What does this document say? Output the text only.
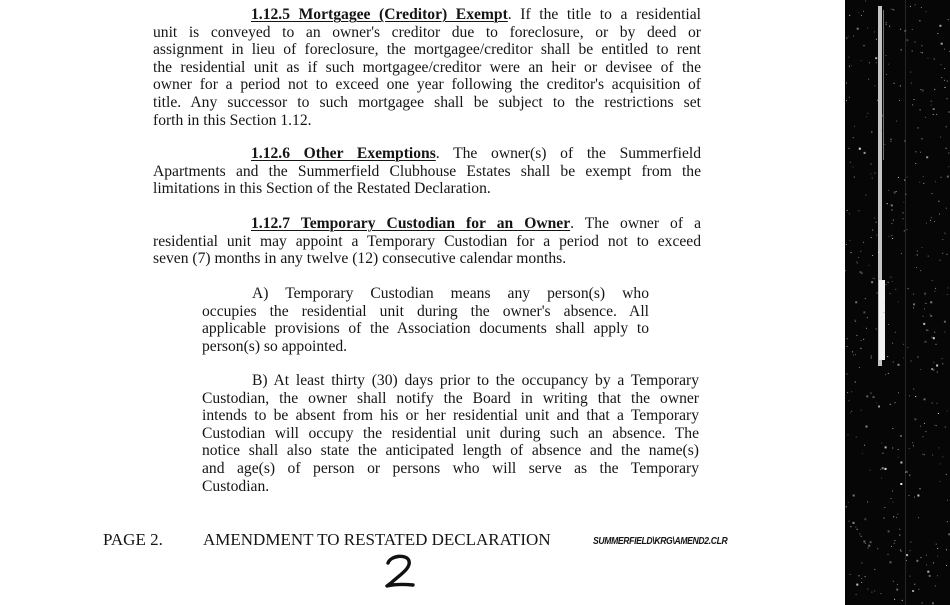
1.12.5 Mortgagee (Creditor) Exempt. If the title to a residential
unit is conveyed to an owner's creditor due to foreclosure, or by deed or
assignment in lieu of foreclosure, the mortgagee/creditor shall be entitled to rent
the residential unit as if such mortgagee/creditor were an heir or devisee of the
owner for a period not to exceed one year following the creditor's acquisition of
title. Any successor to such mortgagee shall be subject to the restrictions set
forth in this Section 1.12.
1.12.6 Other Exemptions. The owner(s) of the Summerfield
Apartments and the Summerfield Clubhouse Estates shall be exempt from the
limitations in this Section of the Restated Declaration.
1.12.7 Temporary Custodian for an Owner. The owner of a
residential unit may appoint a Temporary Custodian for a period not to exceed
seven (7) months in any twelve (12) consecutive calendar months.
A) Temporary Custodian means any person(s) who
occupies the residential unit during the owner's absence. All
applicable provisions of the Association documents shall apply to
person(s) so appointed.
B) At least thirty (30) days prior to the occupancy by a Temporary
Custodian, the owner shall notify the Board in writing that the owner
intends to be absent from his or her residential unit and that a Temporary
Custodian will occupy the residential unit during such an absence. The
notice shall also state the anticipated length of absence and the name(s)
and age(s) of person or persons who will serve as the Temporary
Custodian.
PAGE 2. AMENDMENT TO RESTATED DECLARATION	SUMMERFIELD\KRG\AMEND2.CLR
